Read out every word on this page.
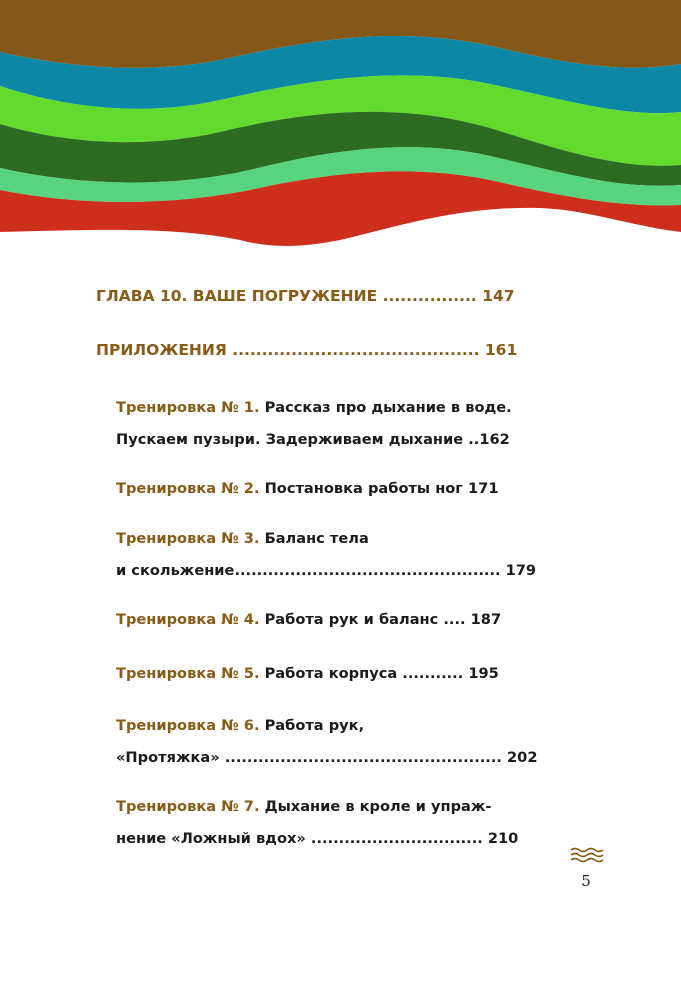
ГЛАВА 10. ВАШЕ ПОГРУЖЕНИЕ ................ 147
ПРИЛОЖЕНИЯ .......................................... 161
Тренировка № 1. Рассказ про дыхание в воде.
Пускаем пузыри. Задерживаем дыхание ..162
Тренировка № 2. Постановка работы ног 171
Тренировка № 3. Баланс тела
и скольжение................................................ 179
Тренировка № 4. Работа рук и баланс .... 187
Тренировка № 5. Работа корпуса ........... 195
Тренировка № 6. Работа рук,
«Протяжка» .................................................. 202
Тренировка № 7. Дыхание в кроле и упраж-
нение «Ложный вдох» ............................... 210
5
